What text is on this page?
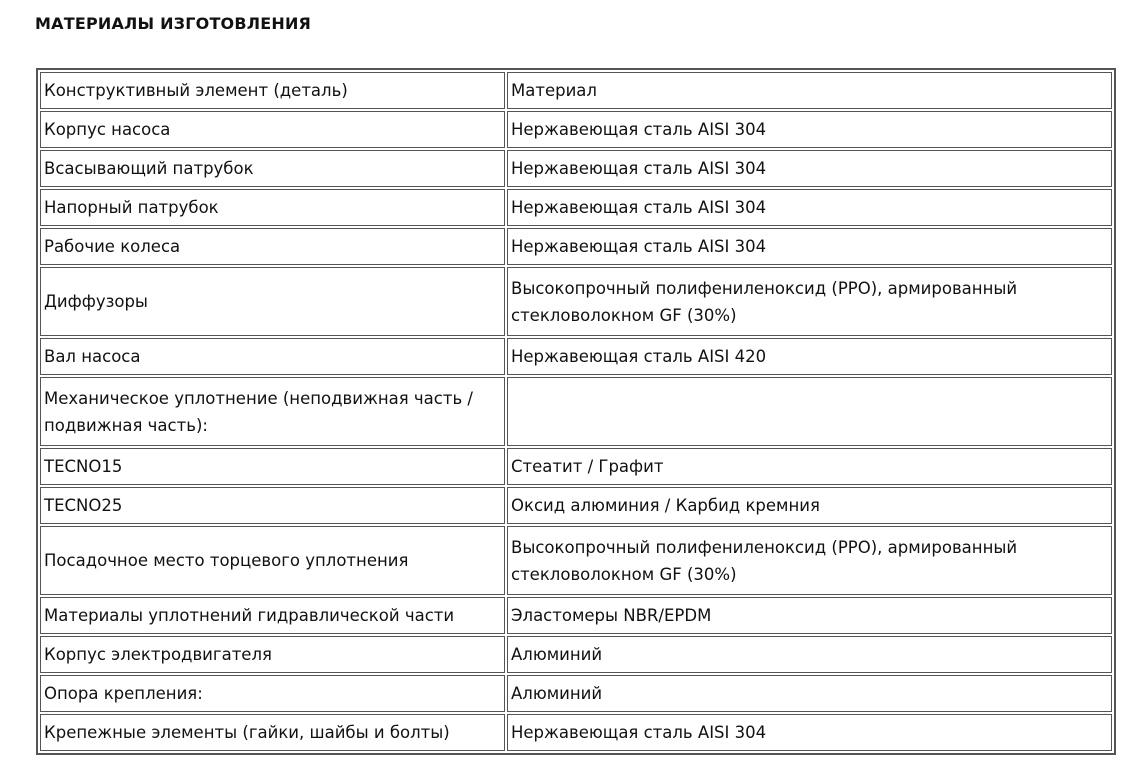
МАТЕРИАЛЫ ИЗГОТОВЛЕНИЯ
Конструктивный элемент (деталь)	Материал
Корпус насоса	Нержавеющая сталь AISI 304
Всасывающий патрубок	Нержавеющая сталь AISI 304
Напорный патрубок	Нержавеющая сталь AISI 304
Рабочие колеса	Нержавеющая сталь AISI 304
Диффузоры	Высокопрочный полифениленоксид (PPO), армированный стекловолокном GF (30%)
Вал насоса	Нержавеющая сталь AISI 420
Механическое уплотнение (неподвижная часть / подвижная часть):	
TECNO15	Стеатит / Графит
TECNO25	Оксид алюминия / Карбид кремния
Посадочное место торцевого уплотнения	Высокопрочный полифениленоксид (PPO), армированный стекловолокном GF (30%)
Материалы уплотнений гидравлической части	Эластомеры NBR/EPDM
Корпус электродвигателя	Алюминий
Опора крепления:	Алюминий
Крепежные элементы (гайки, шайбы и болты)	Нержавеющая сталь AISI 304
